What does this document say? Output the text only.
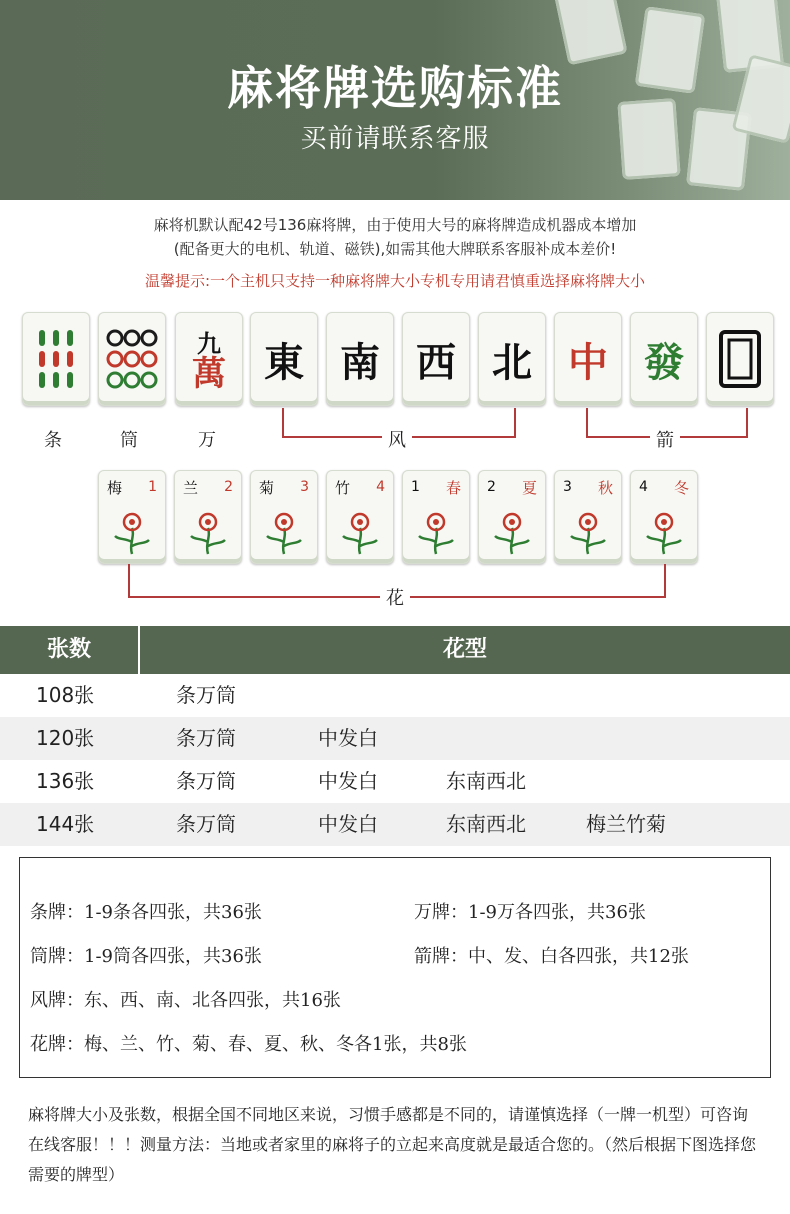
麻将牌选购标准
买前请联系客服
麻将机默认配42号136麻将牌，由于使用大号的麻将牌造成机器成本增加
(配备更大的电机、轨道、磁铁),如需其他大牌联系客服补成本差价!
温馨提示:一个主机只支持一种麻将牌大小专机专用请君慎重选择麻将牌大小
九
萬 東 南 西 北 中 發
条	筒	万	风	箭
梅 1 兰 2 菊 3 竹 4	春
1	夏
2	秋
3	冬
4
花
张数	花型
108张	条万筒
120张	条万筒	中发白
136张	条万筒	中发白	东南西北
144张	条万筒	中发白	东南西北	梅兰竹菊
条牌：1-9条各四张，共36张	万牌：1-9万各四张，共36张
筒牌：1-9筒各四张，共36张	箭牌：中、发、白各四张，共12张
风牌：东、西、南、北各四张，共16张
花牌：梅、兰、竹、菊、春、夏、秋、冬各1张，共8张
麻将牌大小及张数，根据全国不同地区来说，习惯手感都是不同的，请谨慎选择（一牌一机型）可咨询在线客服！！！测量方法：当地或者家里的麻将子的立起来高度就是最适合您的。（然后根据下图选择您需要的牌型）
